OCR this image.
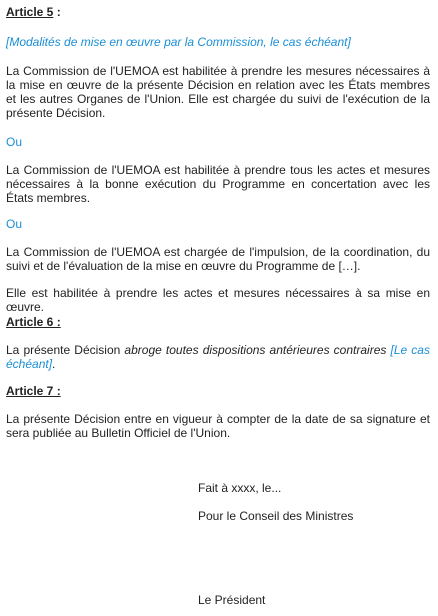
Article 5 :

[Modalités de mise en œuvre par la Commission, le cas échéant]

La Commission de l'UEMOA est habilitée à prendre les mesures nécessaires à la mise en œuvre de la présente Décision en relation avec les États membres et les autres Organes de l'Union. Elle est chargée du suivi de l'exécution de la présente Décision.

Ou

La Commission de l'UEMOA est habilitée à prendre tous les actes et mesures nécessaires à la bonne exécution du Programme en concertation avec les États membres.

Ou

La Commission de l'UEMOA est chargée de l'impulsion, de la coordination, du suivi et de l'évaluation de la mise en œuvre du Programme de […].

Elle est habilitée à prendre les actes et mesures nécessaires à sa mise en œuvre.

Article 6 :

La présente Décision abroge toutes dispositions antérieures contraires [Le cas échéant].

Article 7 :

La présente Décision entre en vigueur à compter de la date de sa signature et sera publiée au Bulletin Officiel de l'Union.

Fait à xxxx, le...

Pour le Conseil des Ministres

Le Président
